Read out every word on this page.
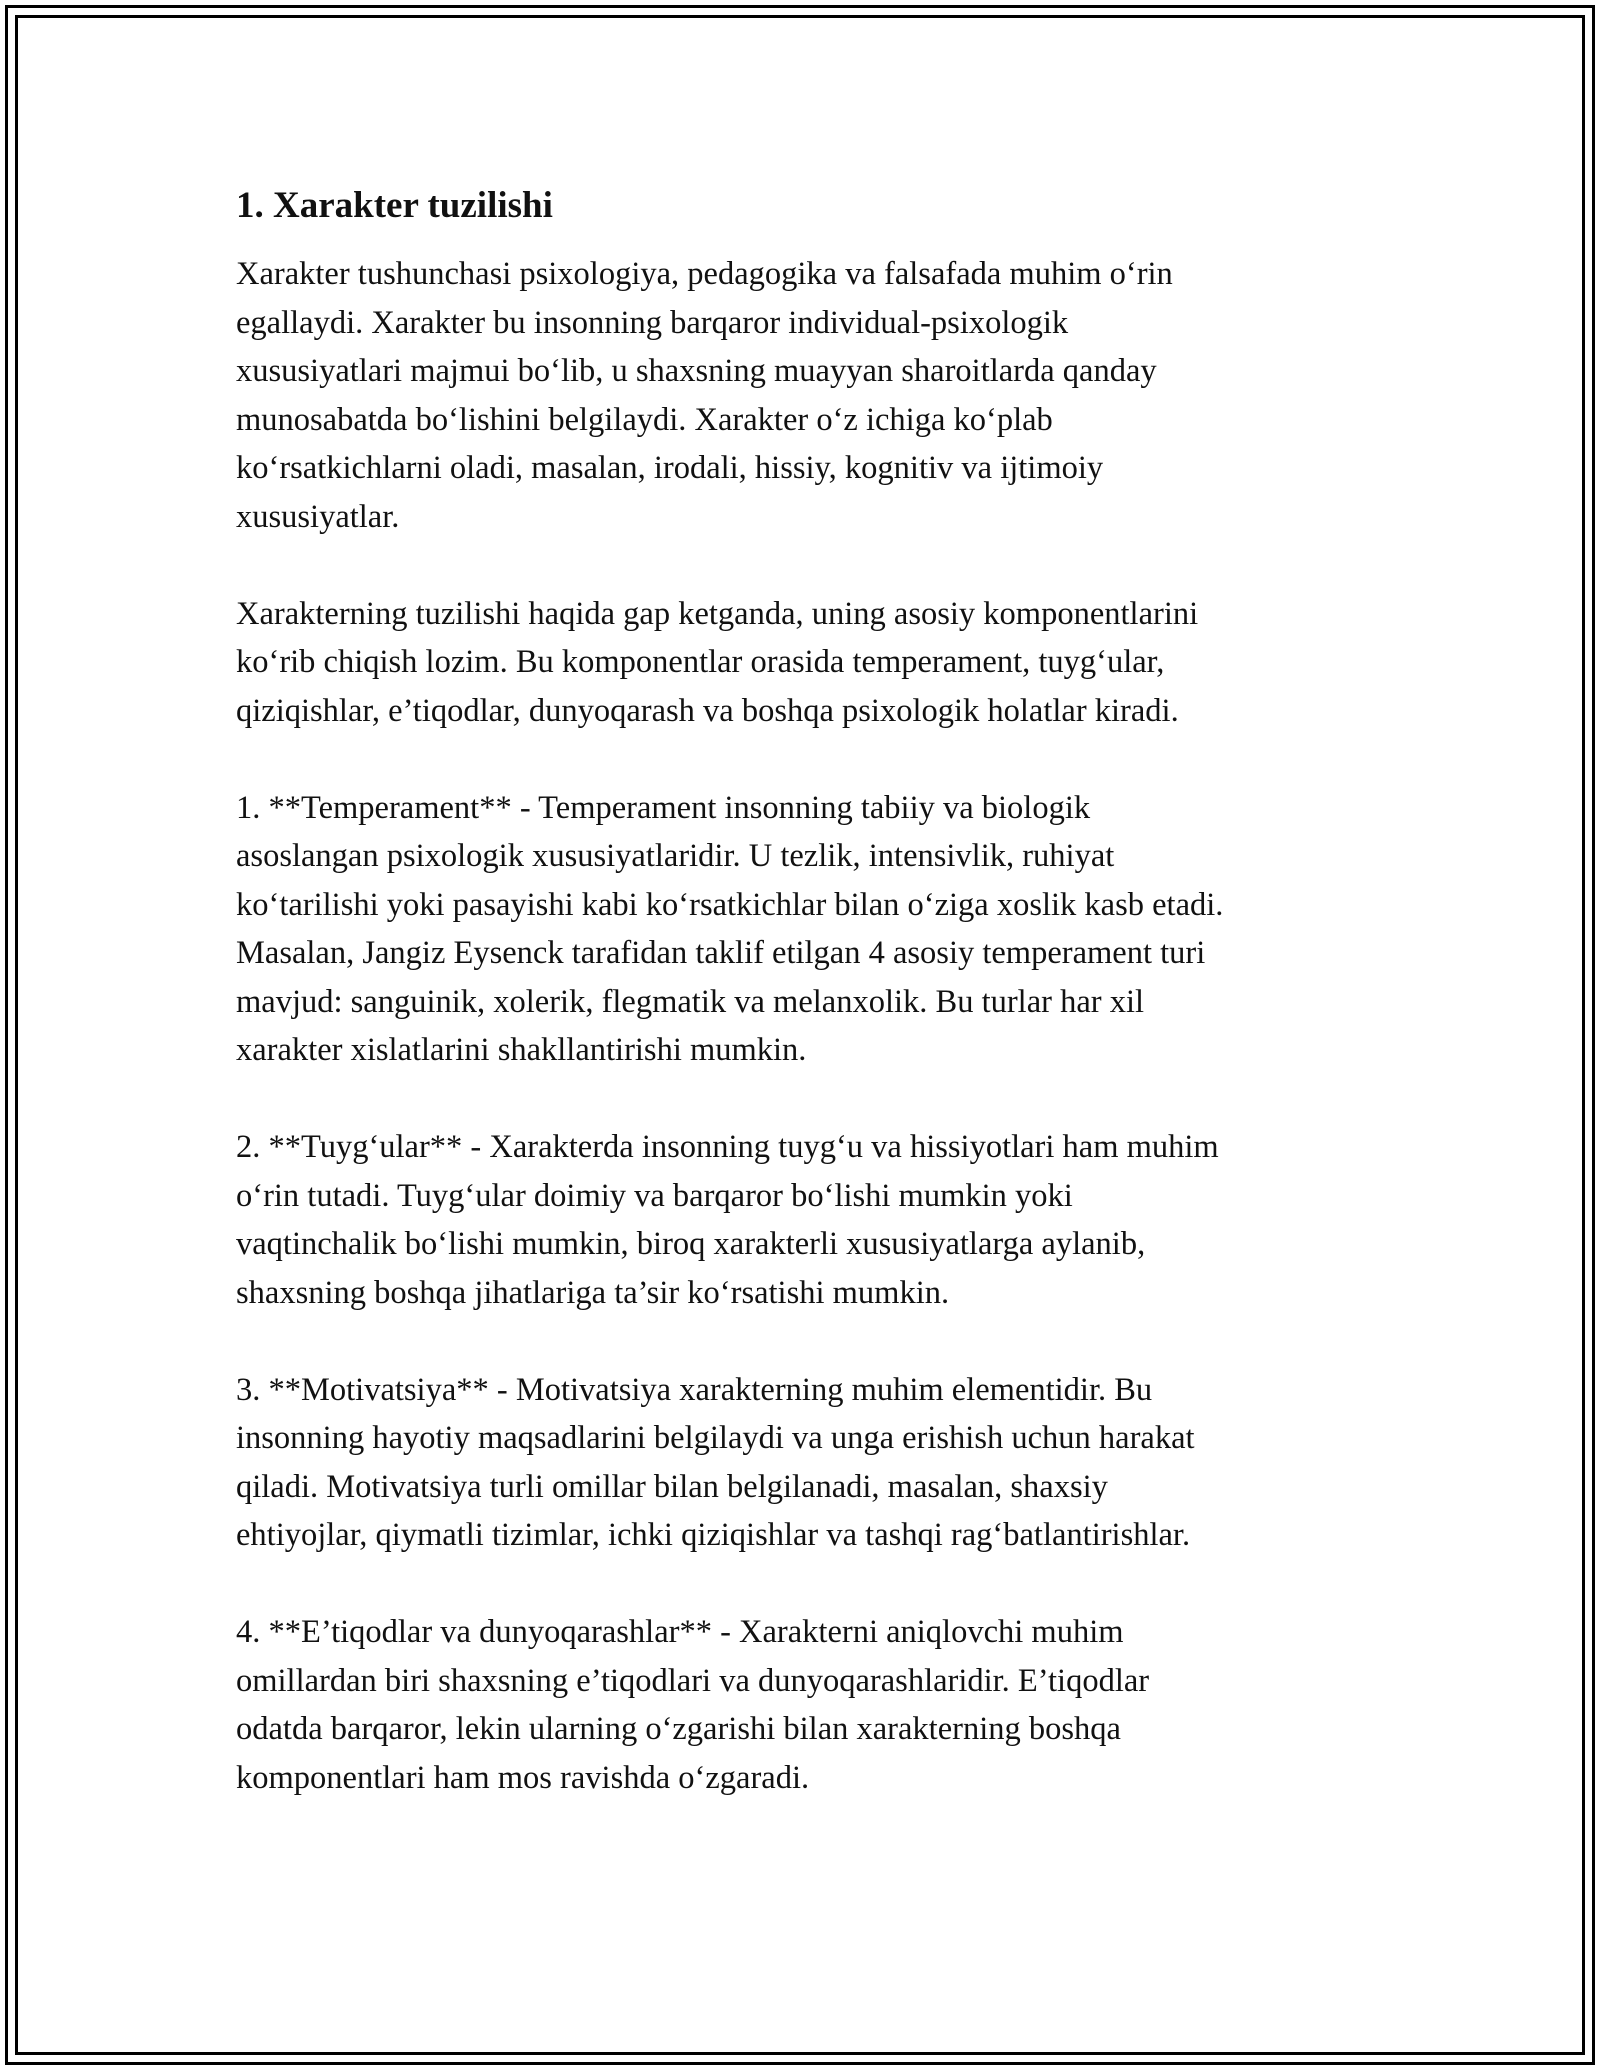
1. Xarakter tuzilishi

Xarakter tushunchasi psixologiya, pedagogika va falsafada muhim o‘rin
egallaydi. Xarakter bu insonning barqaror individual-psixologik
xususiyatlari majmui bo‘lib, u shaxsning muayyan sharoitlarda qanday
munosabatda bo‘lishini belgilaydi. Xarakter o‘z ichiga ko‘plab
ko‘rsatkichlarni oladi, masalan, irodali, hissiy, kognitiv va ijtimoiy
xususiyatlar.

Xarakterning tuzilishi haqida gap ketganda, uning asosiy komponentlarini
ko‘rib chiqish lozim. Bu komponentlar orasida temperament, tuyg‘ular,
qiziqishlar, e’tiqodlar, dunyoqarash va boshqa psixologik holatlar kiradi.

1. **Temperament** - Temperament insonning tabiiy va biologik
asoslangan psixologik xususiyatlaridir. U tezlik, intensivlik, ruhiyat
ko‘tarilishi yoki pasayishi kabi ko‘rsatkichlar bilan o‘ziga xoslik kasb etadi.
Masalan, Jangiz Eysenck tarafidan taklif etilgan 4 asosiy temperament turi
mavjud: sanguinik, xolerik, flegmatik va melanxolik. Bu turlar har xil
xarakter xislatlarini shakllantirishi mumkin.

2. **Tuyg‘ular** - Xarakterda insonning tuyg‘u va hissiyotlari ham muhim
o‘rin tutadi. Tuyg‘ular doimiy va barqaror bo‘lishi mumkin yoki
vaqtinchalik bo‘lishi mumkin, biroq xarakterli xususiyatlarga aylanib,
shaxsning boshqa jihatlariga ta’sir ko‘rsatishi mumkin.

3. **Motivatsiya** - Motivatsiya xarakterning muhim elementidir. Bu
insonning hayotiy maqsadlarini belgilaydi va unga erishish uchun harakat
qiladi. Motivatsiya turli omillar bilan belgilanadi, masalan, shaxsiy
ehtiyojlar, qiymatli tizimlar, ichki qiziqishlar va tashqi rag‘batlantirishlar.

4. **E’tiqodlar va dunyoqarashlar** - Xarakterni aniqlovchi muhim
omillardan biri shaxsning e’tiqodlari va dunyoqarashlaridir. E’tiqodlar
odatda barqaror, lekin ularning o‘zgarishi bilan xarakterning boshqa
komponentlari ham mos ravishda o‘zgaradi.
